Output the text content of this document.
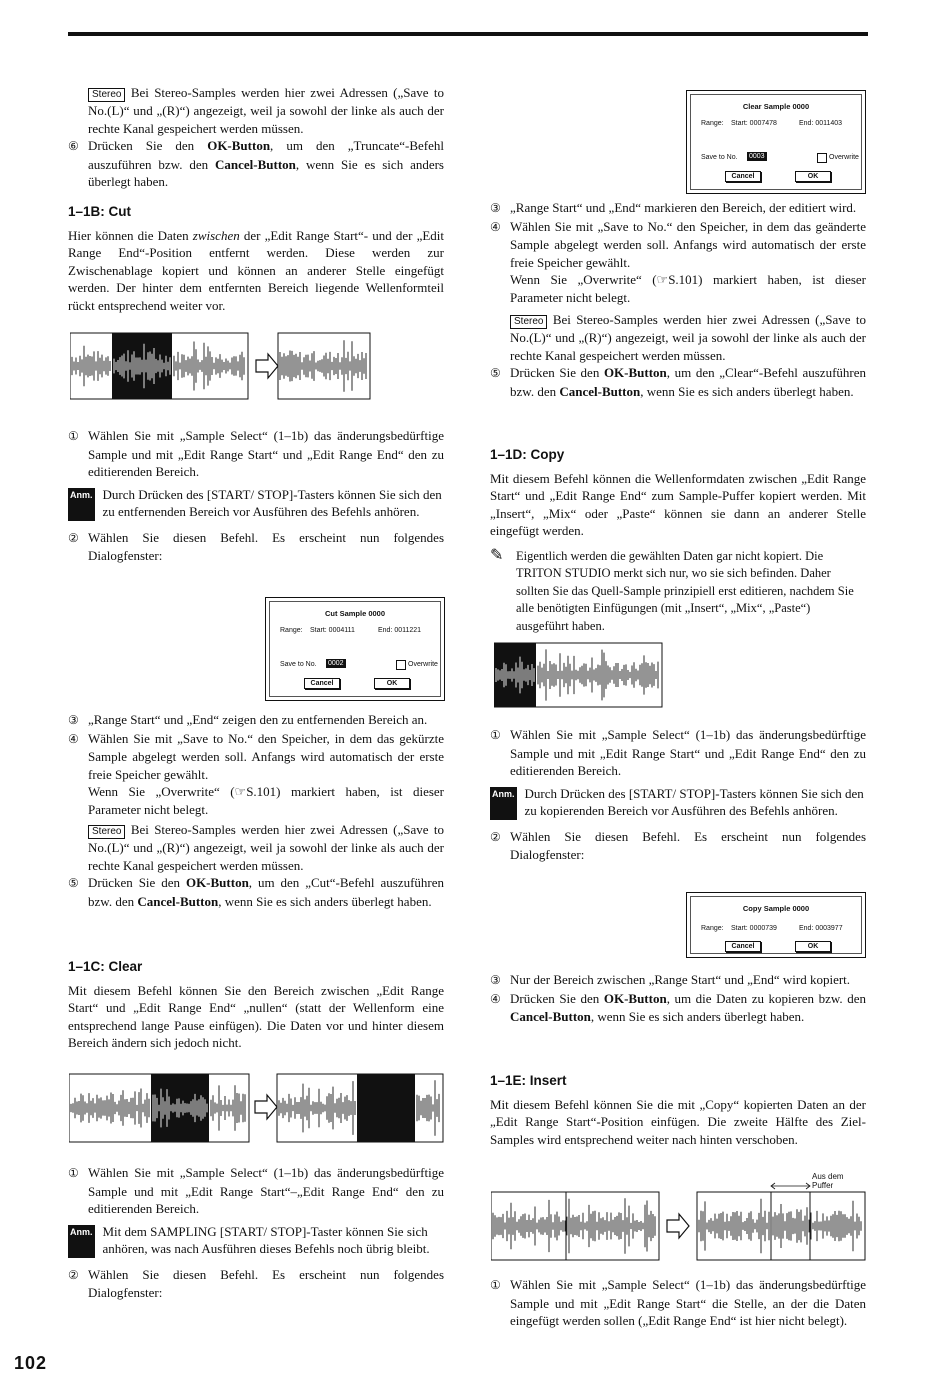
Stereo Bei Stereo-Samples werden hier zwei Adressen („Save to No.(L)“ und „(R)“) angezeigt, weil ja sowohl der linke als auch der rechte Kanal gespeichert werden müssen.

⑥ Drücken Sie den OK-Button, um den „Truncate“-Befehl auszuführen bzw. den Cancel-Button, wenn Sie es sich anders überlegt haben.

1–1B: Cut

Hier können die Daten zwischen der „Edit Range Start“- und der „Edit Range End“-Position entfernt werden. Diese werden zur Zwischenablage kopiert und können an anderer Stelle eingefügt werden. Der hinter dem entfernten Bereich liegende Wellenformteil rückt entsprechend weiter vor.

① Wählen Sie mit „Sample Select“ (1–1b) das änderungsbedürftige Sample und mit „Edit Range Start“ und „Edit Range End“ den zu editierenden Bereich.

Anm. Durch Drücken des [START/ STOP]-Tasters können Sie sich den zu entfernenden Bereich vor Ausführen des Befehls anhören.

② Wählen Sie diesen Befehl. Es erscheint nun folgendes Dialogfenster:

Cut Sample 0000
Range: Start: 0004111	End: 0011221
Save to No. 0002	Overwrite
Cancel	OK

③ „Range Start“ und „End“ zeigen den zu entfernenden Bereich an.

④ Wählen Sie mit „Save to No.“ den Speicher, in dem das gekürzte Sample abgelegt werden soll. Anfangs wird automatisch der erste freie Speicher gewählt.

Wenn Sie „Overwrite“ (☞S.101) markiert haben, ist dieser Parameter nicht belegt.

Stereo Bei Stereo-Samples werden hier zwei Adressen („Save to No.(L)“ und „(R)“) angezeigt, weil ja sowohl der linke als auch der rechte Kanal gespeichert werden müssen.

⑤ Drücken Sie den OK-Button, um den „Cut“-Befehl auszuführen bzw. den Cancel-Button, wenn Sie es sich anders überlegt haben.

1–1C: Clear

Mit diesem Befehl können Sie den Bereich zwischen „Edit Range Start“ und „Edit Range End“ „nullen“ (statt der Wellenform eine entsprechend lange Pause einfügen). Die Daten vor und hinter diesem Bereich ändern sich jedoch nicht.

① Wählen Sie mit „Sample Select“ (1–1b) das änderungsbedürftige Sample und mit „Edit Range Start“–„Edit Range End“ den zu editierenden Bereich.

Anm. Mit dem SAMPLING [START/ STOP]-Taster können Sie sich anhören, was nach Ausführen dieses Befehls noch übrig bleibt.

② Wählen Sie diesen Befehl. Es erscheint nun folgendes Dialogfenster:

Clear Sample 0000
Range: Start: 0007478	End: 0011403
Save to No. 0003	Overwrite
Cancel	OK

③ „Range Start“ und „End“ markieren den Bereich, der editiert wird.

④ Wählen Sie mit „Save to No.“ den Speicher, in dem das geänderte Sample abgelegt werden soll. Anfangs wird automatisch der erste freie Speicher gewählt.

Wenn Sie „Overwrite“ (☞S.101) markiert haben, ist dieser Parameter nicht belegt.

Stereo Bei Stereo-Samples werden hier zwei Adressen („Save to No.(L)“ und „(R)“) angezeigt, weil ja sowohl der linke als auch der rechte Kanal gespeichert werden müssen.

⑤ Drücken Sie den OK-Button, um den „Clear“-Befehl auszuführen bzw. den Cancel-Button, wenn Sie es sich anders überlegt haben.

1–1D: Copy

Mit diesem Befehl können die Wellenformdaten zwischen „Edit Range Start“ und „Edit Range End“ zum Sample-Puffer kopiert werden. Mit „Insert“, „Mix“ oder „Paste“ können sie dann an anderer Stelle eingefügt werden.

✎	Eigentlich werden die gewählten Daten gar nicht kopiert. Die TRITON STUDIO merkt sich nur, wo sie sich befinden. Daher sollten Sie das Quell-Sample prinzipiell erst editieren, nachdem Sie alle benötigten Einfügungen (mit „Insert“, „Mix“, „Paste“) ausgeführt haben.

① Wählen Sie mit „Sample Select“ (1–1b) das änderungsbedürftige Sample und mit „Edit Range Start“ und „Edit Range End“ den zu editierenden Bereich.

Anm. Durch Drücken des [START/ STOP]-Tasters können Sie sich den zu kopierenden Bereich vor Ausführen des Befehls anhören.

② Wählen Sie diesen Befehl. Es erscheint nun folgendes Dialogfenster:

Copy Sample 0000
Range: Start: 0000739	End: 0003977
Cancel	OK

③ Nur der Bereich zwischen „Range Start“ und „End“ wird kopiert.

④ Drücken Sie den OK-Button, um die Daten zu kopieren bzw. den Cancel-Button, wenn Sie es sich anders überlegt haben.

1–1E: Insert

Mit diesem Befehl können Sie die mit „Copy“ kopierten Daten an der „Edit Range Start“-Position einfügen. Die zweite Hälfte des Ziel-Samples wird entsprechend weiter nach hinten verschoben.

Aus dem Puffer

① Wählen Sie mit „Sample Select“ (1–1b) das änderungsbedürftige Sample und mit „Edit Range Start“ die Stelle, an der die Daten eingefügt werden sollen („Edit Range End“ ist hier nicht belegt).

102
